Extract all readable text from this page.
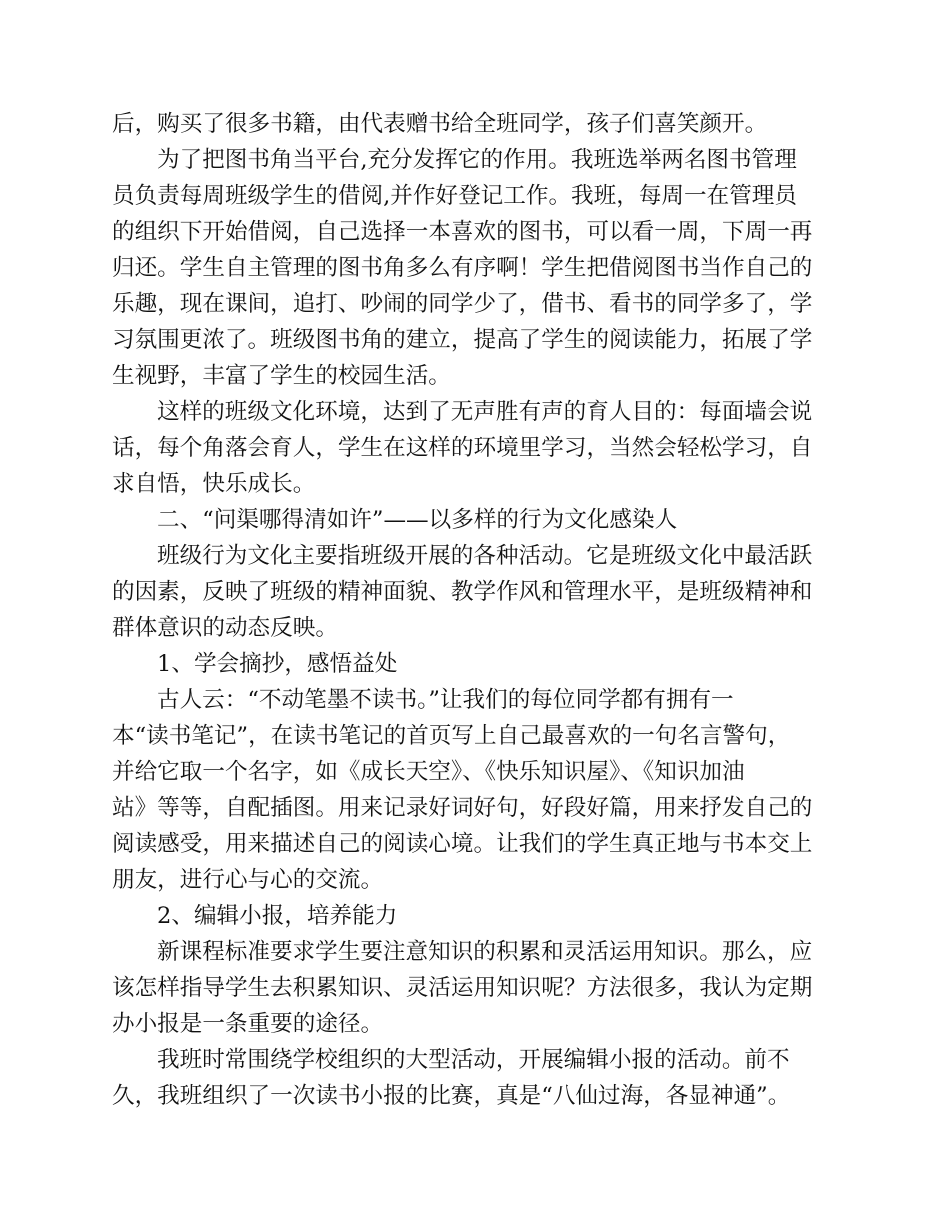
后，购买了很多书籍，由代表赠书给全班同学，孩子们喜笑颜开。
为了把图书角当平台,充分发挥它的作用。我班选举两名图书管理
员负责每周班级学生的借阅,并作好登记工作。我班，每周一在管理员
的组织下开始借阅，自己选择一本喜欢的图书，可以看一周，下周一再
归还。学生自主管理的图书角多么有序啊！学生把借阅图书当作自己的
乐趣，现在课间，追打、吵闹的同学少了，借书、看书的同学多了，学
习氛围更浓了。班级图书角的建立，提高了学生的阅读能力，拓展了学
生视野，丰富了学生的校园生活。
这样的班级文化环境，达到了无声胜有声的育人目的：每面墙会说
话，每个角落会育人，学生在这样的环境里学习，当然会轻松学习，自
求自悟，快乐成长。
二、“问渠哪得清如许”——以多样的行为文化感染人
班级行为文化主要指班级开展的各种活动。它是班级文化中最活跃
的因素，反映了班级的精神面貌、教学作风和管理水平，是班级精神和
群体意识的动态反映。
1、学会摘抄，感悟益处
古人云：“不动笔墨不读书。”让我们的每位同学都有拥有一
本“读书笔记”，在读书笔记的首页写上自己最喜欢的一句名言警句，
并给它取一个名字，如《成长天空》、《快乐知识屋》、《知识加油
站》等等，自配插图。用来记录好词好句，好段好篇，用来抒发自己的
阅读感受，用来描述自己的阅读心境。让我们的学生真正地与书本交上
朋友，进行心与心的交流。
2、编辑小报，培养能力
新课程标准要求学生要注意知识的积累和灵活运用知识。那么，应
该怎样指导学生去积累知识、灵活运用知识呢？方法很多，我认为定期
办小报是一条重要的途径。
我班时常围绕学校组织的大型活动，开展编辑小报的活动。前不
久，我班组织了一次读书小报的比赛，真是“八仙过海，各显神通”。
